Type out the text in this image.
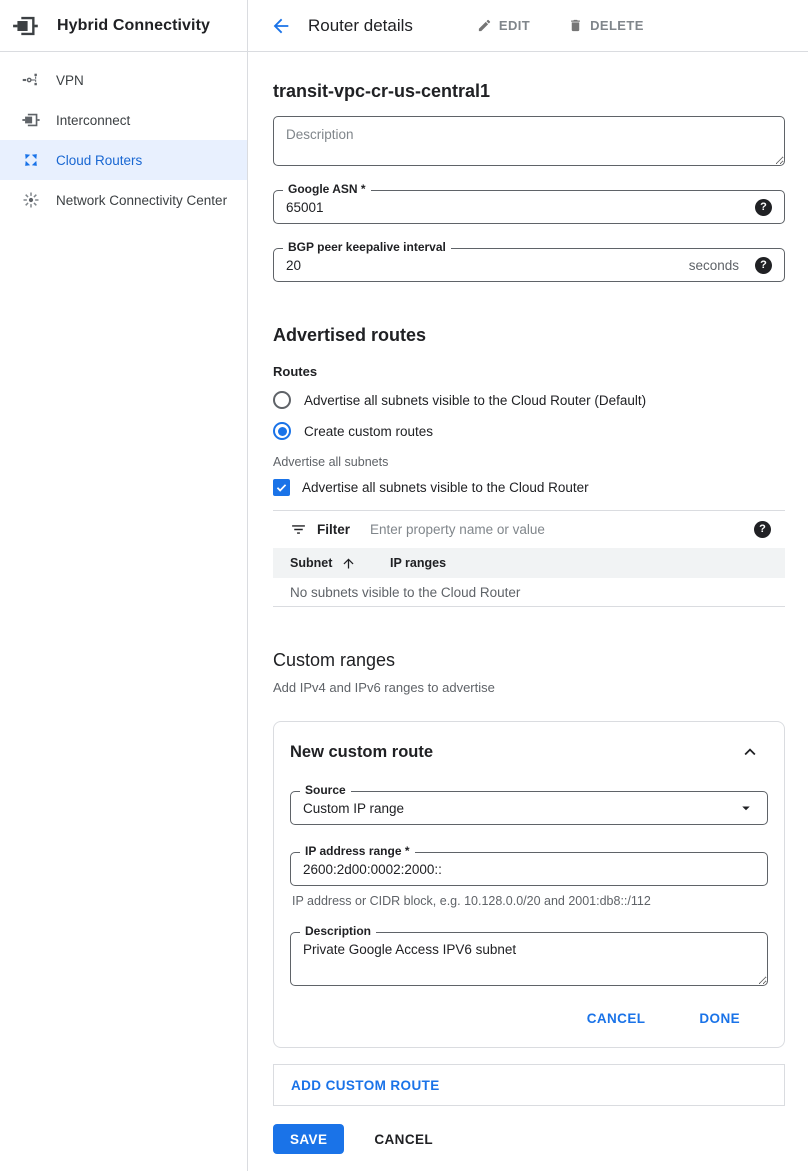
Hybrid Connectivity
VPN
Interconnect
Cloud Routers
Network Connectivity Center
Router details	EDIT	DELETE
transit-vpc-cr-us-central1
Description
Google ASN *
65001
?
BGP peer keepalive interval
20
seconds	?
Advertised routes
Routes
Advertise all subnets visible to the Cloud Router (Default)
Create custom routes
Advertise all subnets
Advertise all subnets visible to the Cloud Router
Filter
Enter property name or value	?
Subnet	IP ranges
No subnets visible to the Cloud Router
Custom ranges
Add IPv4 and IPv6 ranges to advertise
New custom route
Source
Custom IP range
IP address range *
2600:2d00:0002:2000::
IP address or CIDR block, e.g. 10.128.0.0/20 and 2001:db8::/112
Description
Private Google Access IPV6 subnet
CANCEL	DONE
ADD CUSTOM ROUTE
SAVE	CANCEL
